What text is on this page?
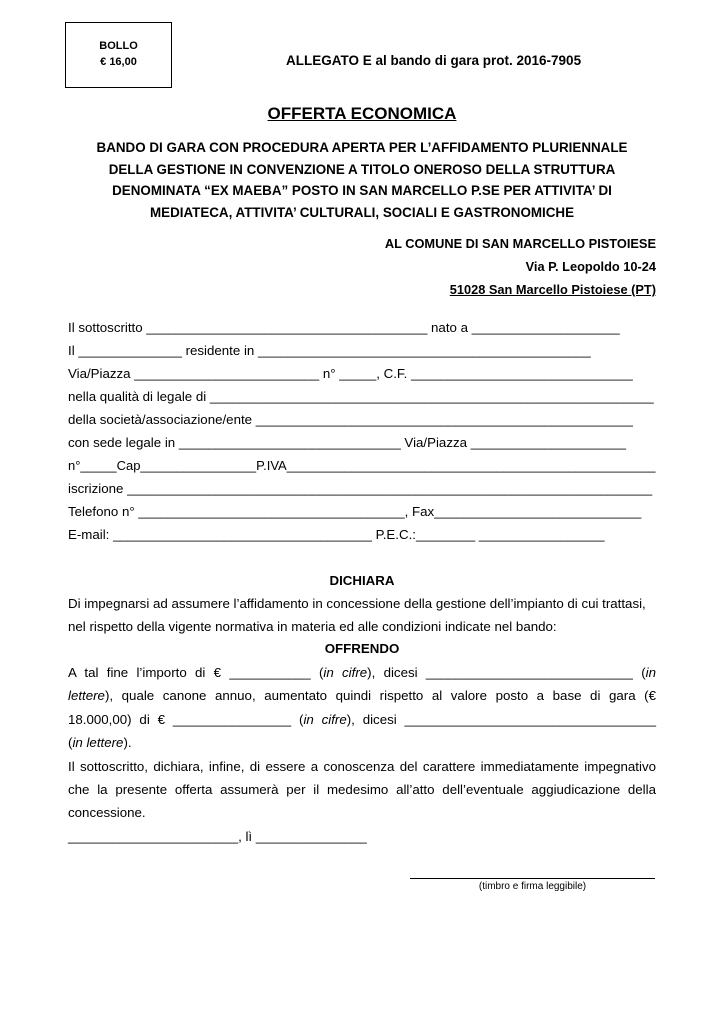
BOLLO
€ 16,00	ALLEGATO E al bando di gara prot. 2016-7905
OFFERTA ECONOMICA
BANDO DI GARA CON PROCEDURA APERTA PER L’AFFIDAMENTO PLURIENNALE
DELLA GESTIONE IN CONVENZIONE A TITOLO ONEROSO DELLA STRUTTURA
DENOMINATA “EX MAEBA” POSTO IN SAN MARCELLO P.SE PER ATTIVITA’ DI
MEDIATECA, ATTIVITA’ CULTURALI, SOCIALI E GASTRONOMICHE
AL COMUNE DI SAN MARCELLO PISTOIESE
Via P. Leopoldo 10-24
51028 San Marcello Pistoiese (PT)
Il sottoscritto ______________________________________ nato a ____________________
Il ______________ residente in _____________________________________________
Via/Piazza _________________________ n° _____, C.F. ______________________________
nella qualità di legale di ____________________________________________________________
della società/associazione/ente ___________________________________________________
con sede legale in ______________________________ Via/Piazza _____________________
n°_____Cap________________P.IVA___________________________________________________
iscrizione _______________________________________________________________________
Telefono n° ____________________________________, Fax____________________________
E-mail: ___________________________________ P.E.C.:________ _________________
DICHIARA
Di impegnarsi ad assumere l’affidamento in concessione della gestione dell’impianto di cui trattasi,
nel rispetto della vigente normativa in materia ed alle condizioni indicate nel bando:
OFFRENDO
A tal fine l’importo di € ___________ (in cifre), dicesi ____________________________ (in
lettere), quale canone annuo, aumentato quindi rispetto al valore posto a base di gara (€
18.000,00) di € ________________ (in cifre), dicesi __________________________________
(in lettere).
Il sottoscritto, dichiara, infine, di essere a conoscenza del carattere immediatamente impegnativo
che la presente offerta assumerà per il medesimo all’atto dell’eventuale aggiudicazione della
concessione.
_______________________, lì _______________
(timbro e firma leggibile)
